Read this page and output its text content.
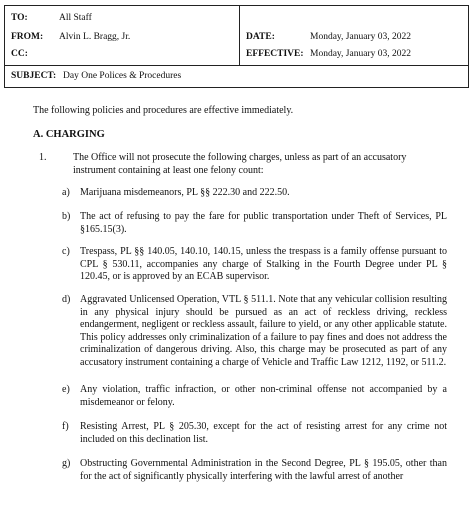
TO:	All Staff
FROM: Alvin L. Bragg, Jr.
CC:
DATE:	Monday, January 03, 2022
EFFECTIVE: Monday, January 03, 2022
SUBJECT: Day One Polices & Procedures
The following policies and procedures are effective immediately.
A. CHARGING
1.	The Office will not prosecute the following charges, unless as part of an accusatory instrument containing at least one felony count:
a) Marijuana misdemeanors, PL §§ 222.30 and 222.50.
b) The act of refusing to pay the fare for public transportation under Theft of Services, PL §165.15(3).
c) Trespass, PL §§ 140.05, 140.10, 140.15, unless the trespass is a family offense pursuant to CPL § 530.11, accompanies any charge of Stalking in the Fourth Degree under PL § 120.45, or is approved by an ECAB supervisor.
d) Aggravated Unlicensed Operation, VTL § 511.1. Note that any vehicular collision resulting in any physical injury should be pursued as an act of reckless driving, reckless endangerment, negligent or reckless assault, failure to yield, or any other applicable statute. This policy addresses only criminalization of a failure to pay fines and does not address the criminalization of dangerous driving. Also, this charge may be prosecuted as part of any accusatory instrument containing a charge of Vehicle and Traffic Law 1212, 1192, or 511.2.
e) Any violation, traffic infraction, or other non-criminal offense not accompanied by a misdemeanor or felony.
f) Resisting Arrest, PL § 205.30, except for the act of resisting arrest for any crime not included on this declination list.
g) Obstructing Governmental Administration in the Second Degree, PL § 195.05, other than for the act of significantly physically interfering with the lawful arrest of another
